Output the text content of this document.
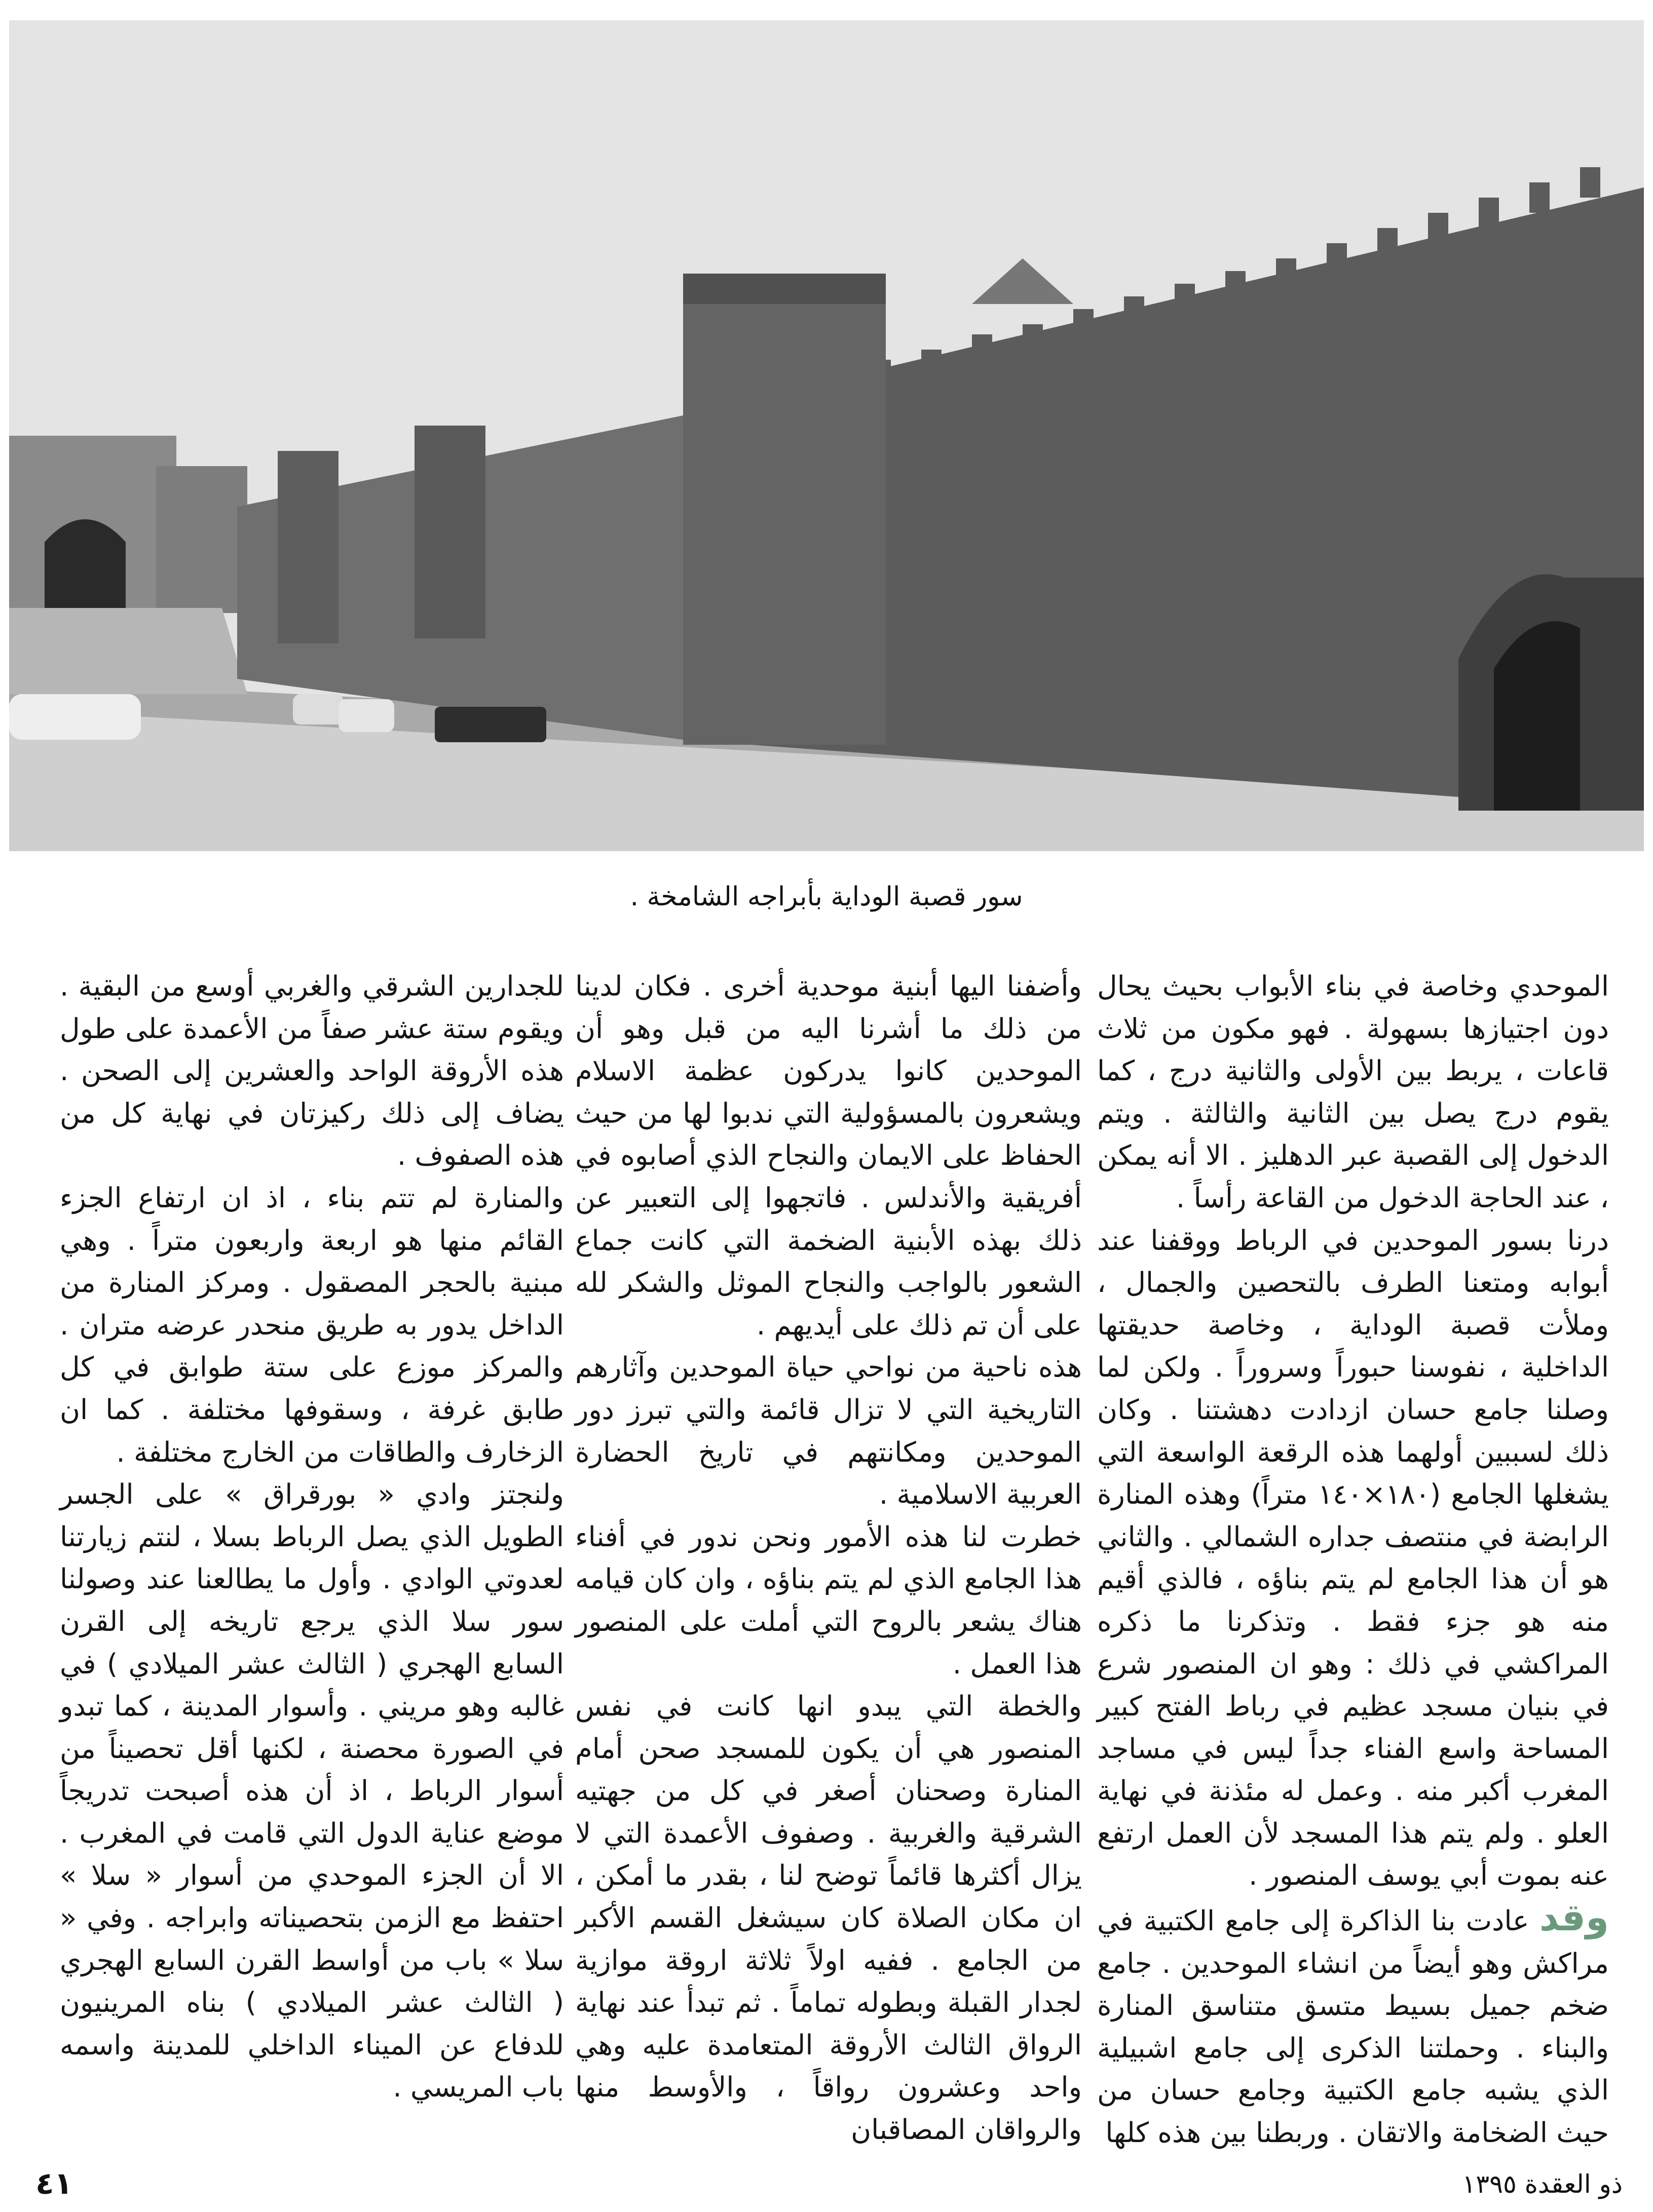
سور قصبة الوداية بأبراجه الشامخة .

الموحدي وخاصة في بناء الأبواب بحيث يحال دون اجتيازها بسهولة . فهو مكون من ثلاث قاعات ، يربط بين الأولى والثانية درج ، كما يقوم درج يصل بين الثانية والثالثة . ويتم الدخول إلى القصبة عبر الدهليز . الا أنه يمكن ، عند الحاجة الدخول من القاعة رأساً .

درنا بسور الموحدين في الرباط ووقفنا عند أبوابه ومتعنا الطرف بالتحصين والجمال ، وملأت قصبة الوداية ، وخاصة حديقتها الداخلية ، نفوسنا حبوراً وسروراً . ولكن لما وصلنا جامع حسان ازدادت دهشتنا . وكان ذلك لسببين أولهما هذه الرقعة الواسعة التي يشغلها الجامع (١٨٠×١٤٠ متراً) وهذه المنارة الرابضة في منتصف جداره الشمالي . والثاني هو أن هذا الجامع لم يتم بناؤه ، فالذي أقيم منه هو جزء فقط . وتذكرنا ما ذكره المراكشي في ذلك : وهو ان المنصور شرع في بنيان مسجد عظيم في رباط الفتح كبير المساحة واسع الفناء جداً ليس في مساجد المغرب أكبر منه . وعمل له مئذنة في نهاية العلو . ولم يتم هذا المسجد لأن العمل ارتفع عنه بموت أبي يوسف المنصور .

وقد عادت بنا الذاكرة إلى جامع الكتبية في مراكش وهو أيضاً من انشاء الموحدين . جامع ضخم جميل بسيط متسق متناسق المنارة والبناء . وحملتنا الذكرى إلى جامع اشبيلية الذي يشبه جامع الكتبية وجامع حسان من حيث الضخامة والاتقان . وربطنا بين هذه كلها

وأضفنا اليها أبنية موحدية أخرى . فكان لدينا من ذلك ما أشرنا اليه من قبل وهو أن الموحدين كانوا يدركون عظمة الاسلام ويشعرون بالمسؤولية التي ندبوا لها من حيث الحفاظ على الايمان والنجاح الذي أصابوه في أفريقية والأندلس . فاتجهوا إلى التعبير عن ذلك بهذه الأبنية الضخمة التي كانت جماع الشعور بالواجب والنجاح الموثل والشكر لله على أن تم ذلك على أيديهم .

هذه ناحية من نواحي حياة الموحدين وآثارهم التاريخية التي لا تزال قائمة والتي تبرز دور الموحدين ومكانتهم في تاريخ الحضارة العربية الاسلامية .

خطرت لنا هذه الأمور ونحن ندور في أفناء هذا الجامع الذي لم يتم بناؤه ، وان كان قيامه هناك يشعر بالروح التي أملت على المنصور هذا العمل .

والخطة التي يبدو انها كانت في نفس المنصور هي أن يكون للمسجد صحن أمام المنارة وصحنان أصغر في كل من جهتيه الشرقية والغربية . وصفوف الأعمدة التي لا يزال أكثرها قائماً توضح لنا ، بقدر ما أمكن ، ان مكان الصلاة كان سيشغل القسم الأكبر من الجامع . ففيه اولاً ثلاثة اروقة موازية لجدار القبلة وبطوله تماماً . ثم تبدأ عند نهاية الرواق الثالث الأروقة المتعامدة عليه وهي واحد وعشرون رواقاً ، والأوسط منها والرواقان المصاقبان

للجدارين الشرقي والغربي أوسع من البقية . ويقوم ستة عشر صفاً من الأعمدة على طول هذه الأروقة الواحد والعشرين إلى الصحن . يضاف إلى ذلك ركيزتان في نهاية كل من هذه الصفوف .

والمنارة لم تتم بناء ، اذ ان ارتفاع الجزء القائم منها هو اربعة واربعون متراً . وهي مبنية بالحجر المصقول . ومركز المنارة من الداخل يدور به طريق منحدر عرضه متران . والمركز موزع على ستة طوابق في كل طابق غرفة ، وسقوفها مختلفة . كما ان الزخارف والطاقات من الخارج مختلفة .

ولنجتز وادي « بورقراق » على الجسر الطويل الذي يصل الرباط بسلا ، لنتم زيارتنا لعدوتي الوادي . وأول ما يطالعنا عند وصولنا سور سلا الذي يرجع تاريخه إلى القرن السابع الهجري ( الثالث عشر الميلادي ) في غالبه وهو مريني . وأسوار المدينة ، كما تبدو في الصورة محصنة ، لكنها أقل تحصيناً من أسوار الرباط ، اذ أن هذه أصبحت تدريجاً موضع عناية الدول التي قامت في المغرب . الا أن الجزء الموحدي من أسوار « سلا » احتفظ مع الزمن بتحصيناته وابراجه . وفي « سلا » باب من أواسط القرن السابع الهجري ( الثالث عشر الميلادي ) بناه المرينيون للدفاع عن الميناء الداخلي للمدينة واسمه باب المريسي .

ذو العقدة ١٣٩٥
٤١
